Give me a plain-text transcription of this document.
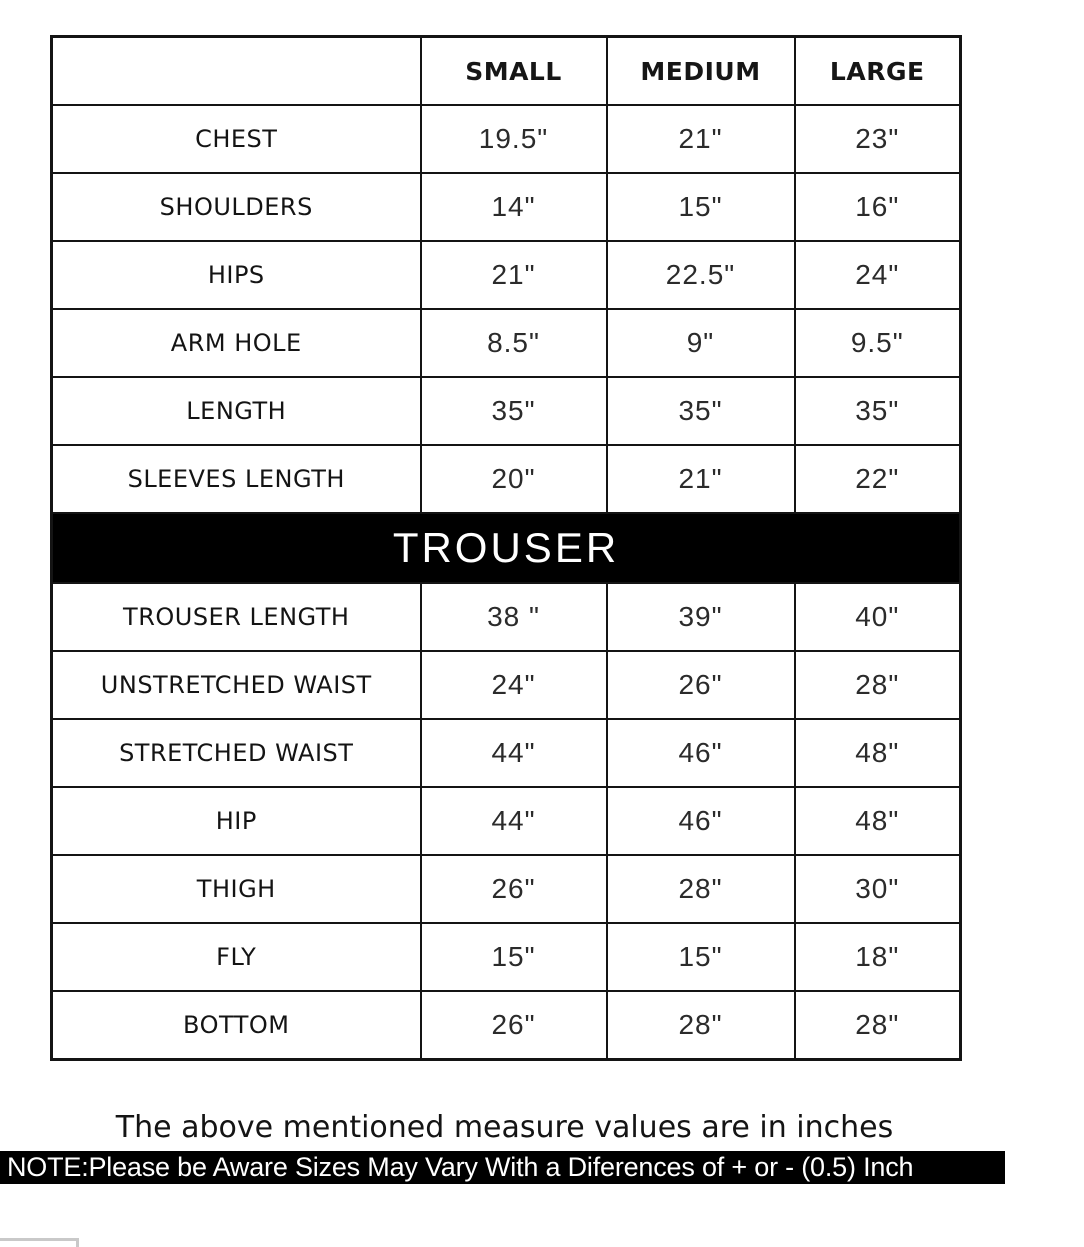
	SMALL	MEDIUM	LARGE
CHEST	19.5"	21"	23"
SHOULDERS	14"	15"	16"
HIPS	21"	22.5"	24"
ARM HOLE	8.5"	9"	9.5"
LENGTH	35"	35"	35"
SLEEVES LENGTH	20"	21"	22"
TROUSER			
TROUSER LENGTH	38 "	39"	40"
UNSTRETCHED WAIST	24"	26"	28"
STRETCHED WAIST	44"	46"	48"
HIP	44"	46"	48"
THIGH	26"	28"	30"
FLY	15"	15"	18"
BOTTOM	26"	28"	28"
The above mentioned measure values are in inches
NOTE:Please be Aware Sizes May Vary With a Diferences of + or - (0.5) Inch
